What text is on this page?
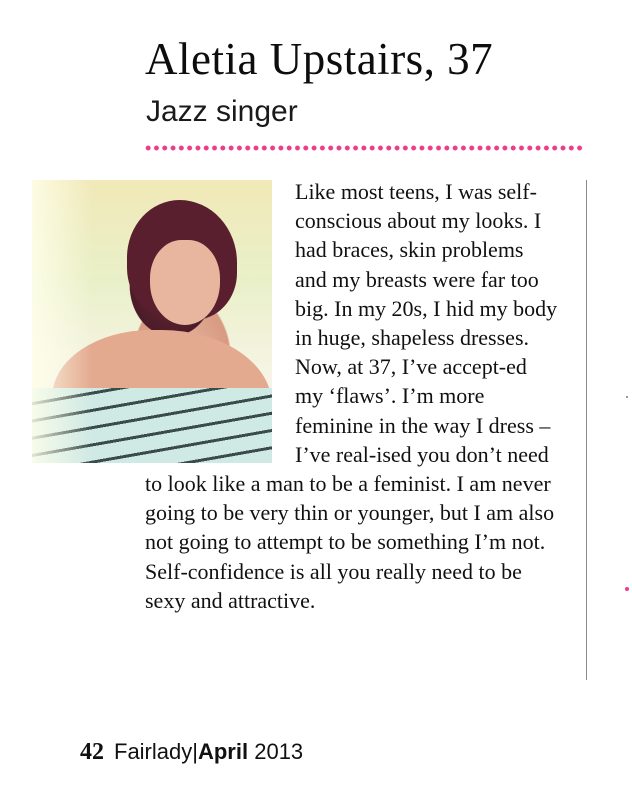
Aletia Upstairs, 37
Jazz singer
Like most teens, I was self-conscious about my looks. I had braces, skin problems and my breasts were far too big. In my 20s, I hid my body in huge, shapeless dresses. Now, at 37, I’ve accept-ed my ‘flaws’. I’m more feminine in the way I dress – I’ve real-ised you don’t need to look like a man to be a feminist. I am never going to be very thin or younger, but I am also not going to attempt to be something I’m not. Self-confidence is all you really need to be sexy and attractive.
42 Fairlady|April 2013
